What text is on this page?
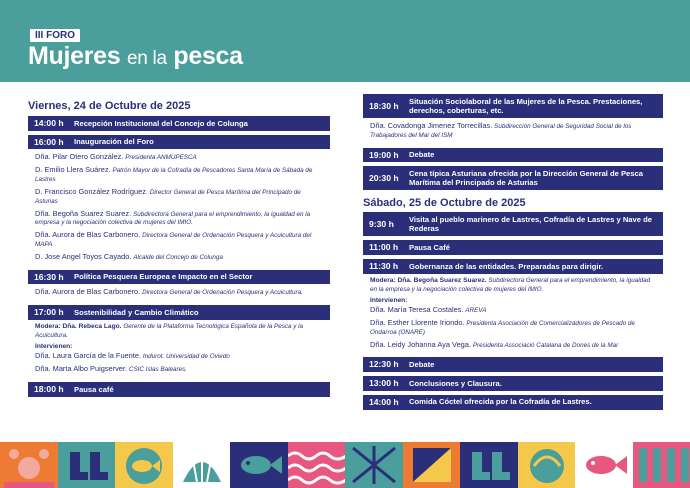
III FORO
Mujeres en la pesca
Viernes, 24 de Octubre de 2025
14:00 h	Recepción Institucional del Concejo de Colunga
16:00 h	Inauguración del Foro
Dña. Pilar Otero González. Presidenta ANMUPESCA
D. Emilio Llera Suárez. Patrón Mayor de la Cofradía de Pescadores Santa María de Sábada de Lastres
D. Francisco González Rodríguez. Director General de Pesca Marítima del Principado de Asturias
Dña. Begoña Suarez Suarez. Subdirectora General para el emprendimiento, la igualdad en la empresa y la negociación colectiva de mujeres del IMIO.
Dña. Aurora de Blas Carbonero. Directora General de Ordenación Pesquera y Acuicultura del MAPA
D. Jose Angel Toyos Cayado. Alcalde del Concejo de Colunga
16:30 h	Política Pesquera Europea e Impacto en el Sector
Dña. Aurora de Blas Carbonero. Directora General de Ordenación Pesquera y Acuicultura.
17:00 h	Sostenibilidad y Cambio Climático
Modera: Dña. Rebeca Lago. Gerente de la Plataforma Tecnológica Española de la Pesca y la Acuicultura.
Intervienen:
Dña. Laura García de la Fuente. Indurot. Universidad de Oviedo
Dña. Marta Albo Puigserver. CSIC Islas Baleares.
18:00 h	Pausa café
18:30 h	Situación Sociolaboral de las Mujeres de la Pesca. Prestaciones, derechos, coberturas, etc.
Dña. Covadonga Jimenez Torrecillas. Subdirección General de Seguridad Social de los Trabajadores del Mar del ISM
19:00 h	Debate
20:30 h	Cena típica Asturiana ofrecida por la Dirección General de Pesca Marítima del Principado de Asturias
Sábado, 25 de Octubre de 2025
9:30 h	Visita al pueblo marinero de Lastres, Cofradía de Lastres y Nave de Rederas
11:00 h	Pausa Café
11:30 h	Gobernanza de las entidades. Preparadas para dirigir.
Modera: Dña. Begoña Suarez Suarez. Subdirectora General para el emprendimiento, la igualdad en la empresa y la negociación colectiva de mujeres del IMIO.
Intervienen:
Dña. María Teresa Costales. AREVA
Dña. Esther Llorente Iriondo. Presidenta Asociación de Comercializadores de Pescado de Ondarroa (ONARE)
Dña. Leidy Johanna Aya Vega. Presidenta Associació Catalana de Dones de la Mar
12:30 h	Debate
13:00 h	Conclusiones y Clausura.
14:00 h	Comida Cóctel ofrecida por la Cofradía de Lastres.
